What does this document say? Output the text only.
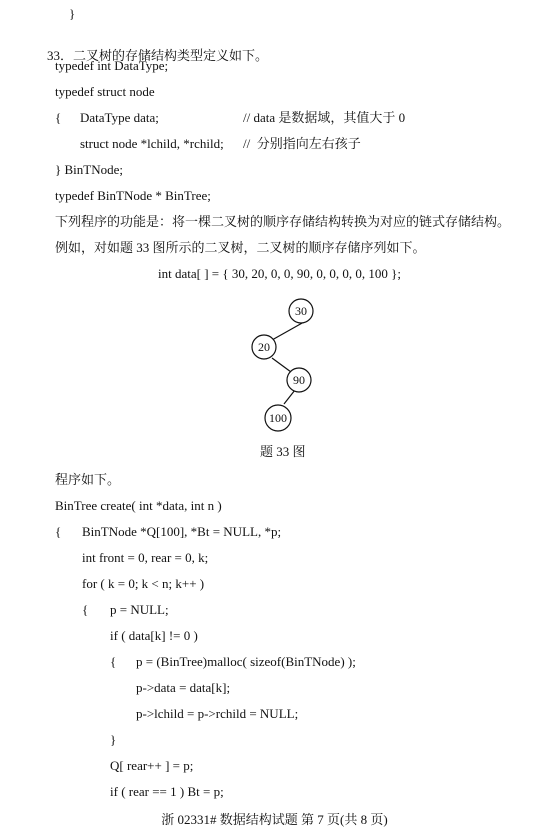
}

33．二叉树的存储结构类型定义如下。

typedef int DataType;
typedef struct node
{ DataType data;	// data 是数据域，其值大于 0
struct node *lchild, *rchild; //  分别指向左右孩子
} BinTNode;
typedef BinTNode * BinTree;
下列程序的功能是：将一棵二叉树的顺序存储结构转换为对应的链式存储结构。
例如，对如题 33 图所示的二叉树，二叉树的顺序存储序列如下。
int data[ ] = { 30, 20, 0, 0, 90, 0, 0, 0, 0, 100 };
30
20
90
100
题 33 图
程序如下。
BinTree create( int *data, int n )
{ BinTNode *Q[100], *Bt = NULL, *p;
int front = 0, rear = 0, k;
for ( k = 0; k < n; k++ )
{ p = NULL;
if ( data[k] != 0 )
{ p = (BinTree)malloc( sizeof(BinTNode) );
p->data = data[k];
p->lchild = p->rchild = NULL;
}
Q[ rear++ ] = p;
if ( rear == 1 ) Bt = p;
浙 02331# 数据结构试题 第 7 页(共 8 页)
